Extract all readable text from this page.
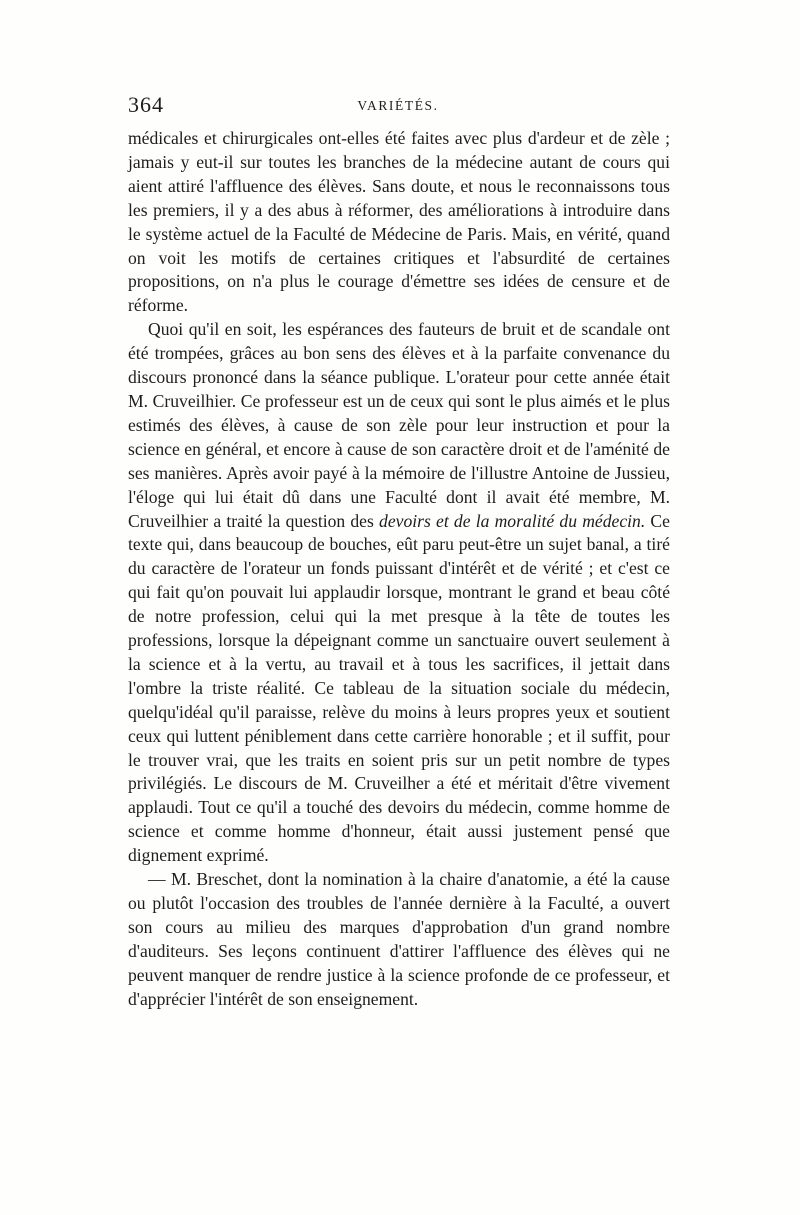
364	VARIÉTÉS.

médicales et chirurgicales ont-elles été faites avec plus d'ardeur et de zèle ; jamais y eut-il sur toutes les branches de la médecine autant de cours qui aient attiré l'affluence des élèves. Sans doute, et nous le reconnaissons tous les premiers, il y a des abus à réformer, des améliorations à introduire dans le système actuel de la Faculté de Médecine de Paris. Mais, en vérité, quand on voit les motifs de certaines critiques et l'absurdité de certaines propositions, on n'a plus le courage d'émettre ses idées de censure et de réforme.

Quoi qu'il en soit, les espérances des fauteurs de bruit et de scandale ont été trompées, grâces au bon sens des élèves et à la parfaite convenance du discours prononcé dans la séance publique. L'orateur pour cette année était M. Cruveilhier. Ce professeur est un de ceux qui sont le plus aimés et le plus estimés des élèves, à cause de son zèle pour leur instruction et pour la science en général, et encore à cause de son caractère droit et de l'aménité de ses manières. Après avoir payé à la mémoire de l'illustre Antoine de Jussieu, l'éloge qui lui était dû dans une Faculté dont il avait été membre, M. Cruveilhier a traité la question des devoirs et de la moralité du médecin. Ce texte qui, dans beaucoup de bouches, eût paru peut-être un sujet banal, a tiré du caractère de l'orateur un fonds puissant d'intérêt et de vérité ; et c'est ce qui fait qu'on pouvait lui applaudir lorsque, montrant le grand et beau côté de notre profession, celui qui la met presque à la tête de toutes les professions, lorsque la dépeignant comme un sanctuaire ouvert seulement à la science et à la vertu, au travail et à tous les sacrifices, il jettait dans l'ombre la triste réalité. Ce tableau de la situation sociale du médecin, quelqu'idéal qu'il paraisse, relève du moins à leurs propres yeux et soutient ceux qui luttent péniblement dans cette carrière honorable ; et il suffit, pour le trouver vrai, que les traits en soient pris sur un petit nombre de types privilégiés. Le discours de M. Cruveilher a été et méritait d'être vivement applaudi. Tout ce qu'il a touché des devoirs du médecin, comme homme de science et comme homme d'honneur, était aussi justement pensé que dignement exprimé.

— M. Breschet, dont la nomination à la chaire d'anatomie, a été la cause ou plutôt l'occasion des troubles de l'année dernière à la Faculté, a ouvert son cours au milieu des marques d'approbation d'un grand nombre d'auditeurs. Ses leçons continuent d'attirer l'affluence des élèves qui ne peuvent manquer de rendre justice à la science profonde de ce professeur, et d'apprécier l'intérêt de son enseignement.
